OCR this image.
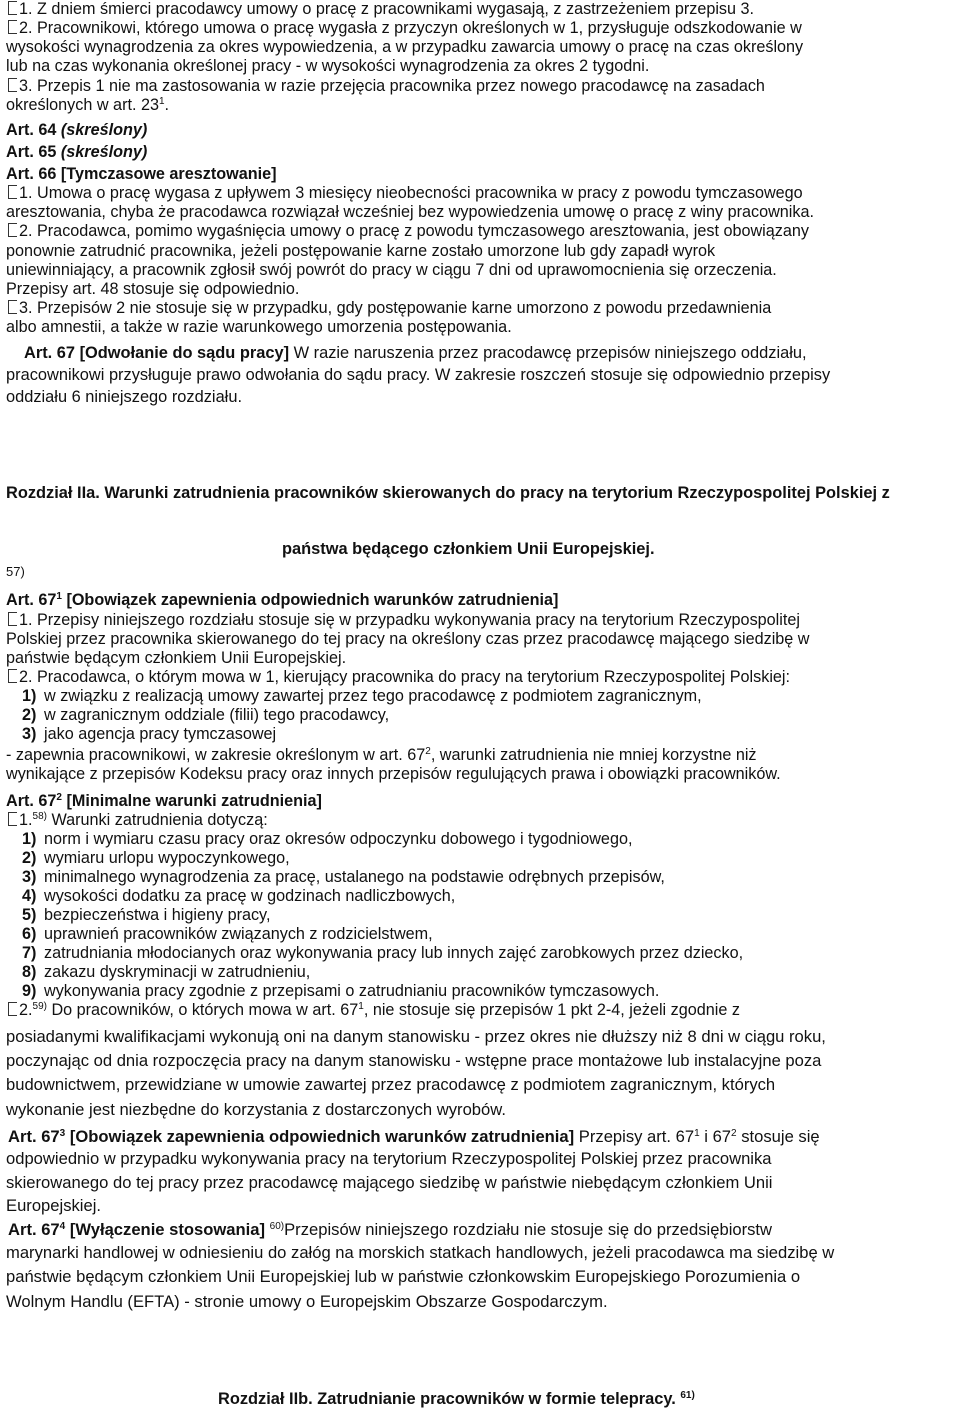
1. Z dniem śmierci pracodawcy umowy o pracę z pracownikami wygasają, z zastrzeżeniem przepisu 3.
2. Pracownikowi, którego umowa o pracę wygasła z przyczyn określonych w 1, przysługuje odszkodowanie w
wysokości wynagrodzenia za okres wypowiedzenia, a w przypadku zawarcia umowy o pracę na czas określony
lub na czas wykonania określonej pracy - w wysokości wynagrodzenia za okres 2 tygodni.
3. Przepis 1 nie ma zastosowania w razie przejęcia pracownika przez nowego pracodawcę na zasadach
określonych w art. $23^1$.
Art. 64 (skreślony)
Art. 65 (skreślony)
Art. 66 [Tymczasowe aresztowanie]
1. Umowa o pracę wygasa z upływem 3 miesięcy nieobecności pracownika w pracy z powodu tymczasowego
aresztowania, chyba że pracodawca rozwiązał wcześniej bez wypowiedzenia umowę o pracę z winy pracownika.
2. Pracodawca, pomimo wygaśnięcia umowy o pracę z powodu tymczasowego aresztowania, jest obowiązany
ponownie zatrudnić pracownika, jeżeli postępowanie karne zostało umorzone lub gdy zapadł wyrok
uniewinniający, a pracownik zgłosił swój powrót do pracy w ciągu 7 dni od uprawomocnienia się orzeczenia.
Przepisy art. 48 stosuje się odpowiednio.
3. Przepisów 2 nie stosuje się w przypadku, gdy postępowanie karne umorzono z powodu przedawnienia
albo amnestii, a także w razie warunkowego umorzenia postępowania.
Art. 67 [Odwołanie do sądu pracy] W razie naruszenia przez pracodawcę przepisów niniejszego oddziału,
pracownikowi przysługuje prawo odwołania do sądu pracy. W zakresie roszczeń stosuje się odpowiednio przepisy
oddziału 6 niniejszego rozdziału.
Rozdział IIa. Warunki zatrudnienia pracowników skierowanych do pracy na terytorium Rzeczypospolitej Polskiej z
państwa będącego członkiem Unii Europejskiej.
57)
Art. $67^1$ [Obowiązek zapewnienia odpowiednich warunków zatrudnienia]
1. Przepisy niniejszego rozdziału stosuje się w przypadku wykonywania pracy na terytorium Rzeczypospolitej
Polskiej przez pracownika skierowanego do tej pracy na określony czas przez pracodawcę mającego siedzibę w
państwie będącym członkiem Unii Europejskiej.
2. Pracodawca, o którym mowa w 1, kierujący pracownika do pracy na terytorium Rzeczypospolitej Polskiej:
1) w związku z realizacją umowy zawartej przez tego pracodawcę z podmiotem zagranicznym,
2) w zagranicznym oddziale (filii) tego pracodawcy,
3) jako agencja pracy tymczasowej
- zapewnia pracownikowi, w zakresie określonym w art. $67^2$, warunki zatrudnienia nie mniej korzystne niż
wynikające z przepisów Kodeksu pracy oraz innych przepisów regulujących prawa i obowiązki pracowników.
Art. $67^2$ [Minimalne warunki zatrudnienia]
1.$^{58)}$ Warunki zatrudnienia dotyczą:
1) norm i wymiaru czasu pracy oraz okresów odpoczynku dobowego i tygodniowego,
2) wymiaru urlopu wypoczynkowego,
3) minimalnego wynagrodzenia za pracę, ustalanego na podstawie odrębnych przepisów,
4) wysokości dodatku za pracę w godzinach nadliczbowych,
5) bezpieczeństwa i higieny pracy,
6) uprawnień pracowników związanych z rodzicielstwem,
7) zatrudniania młodocianych oraz wykonywania pracy lub innych zajęć zarobkowych przez dziecko,
8) zakazu dyskryminacji w zatrudnieniu,
9) wykonywania pracy zgodnie z przepisami o zatrudnianiu pracowników tymczasowych.
2.$^{59)}$ Do pracowników, o których mowa w art. $67^1$, nie stosuje się przepisów 1 pkt 2-4, jeżeli zgodnie z
posiadanymi kwalifikacjami wykonują oni na danym stanowisku - przez okres nie dłuższy niż 8 dni w ciągu roku,
poczynając od dnia rozpoczęcia pracy na danym stanowisku - wstępne prace montażowe lub instalacyjne poza
budownictwem, przewidziane w umowie zawartej przez pracodawcę z podmiotem zagranicznym, których
wykonanie jest niezbędne do korzystania z dostarczonych wyrobów.
Art. $67^3$ [Obowiązek zapewnienia odpowiednich warunków zatrudnienia] Przepisy art. $67^1$ i $67^2$ stosuje się
odpowiednio w przypadku wykonywania pracy na terytorium Rzeczypospolitej Polskiej przez pracownika
skierowanego do tej pracy przez pracodawcę mającego siedzibę w państwie niebędącym członkiem Unii
Europejskiej.
Art. $67^4$ [Wyłączenie stosowania] $^{60)}$Przepisów niniejszego rozdziału nie stosuje się do przedsiębiorstw
marynarki handlowej w odniesieniu do załóg na morskich statkach handlowych, jeżeli pracodawca ma siedzibę w
państwie będącym członkiem Unii Europejskiej lub w państwie członkowskim Europejskiego Porozumienia o
Wolnym Handlu (EFTA) - stronie umowy o Europejskim Obszarze Gospodarczym.
Rozdział IIb. Zatrudnianie pracowników w formie telepracy. $^{61)}$
